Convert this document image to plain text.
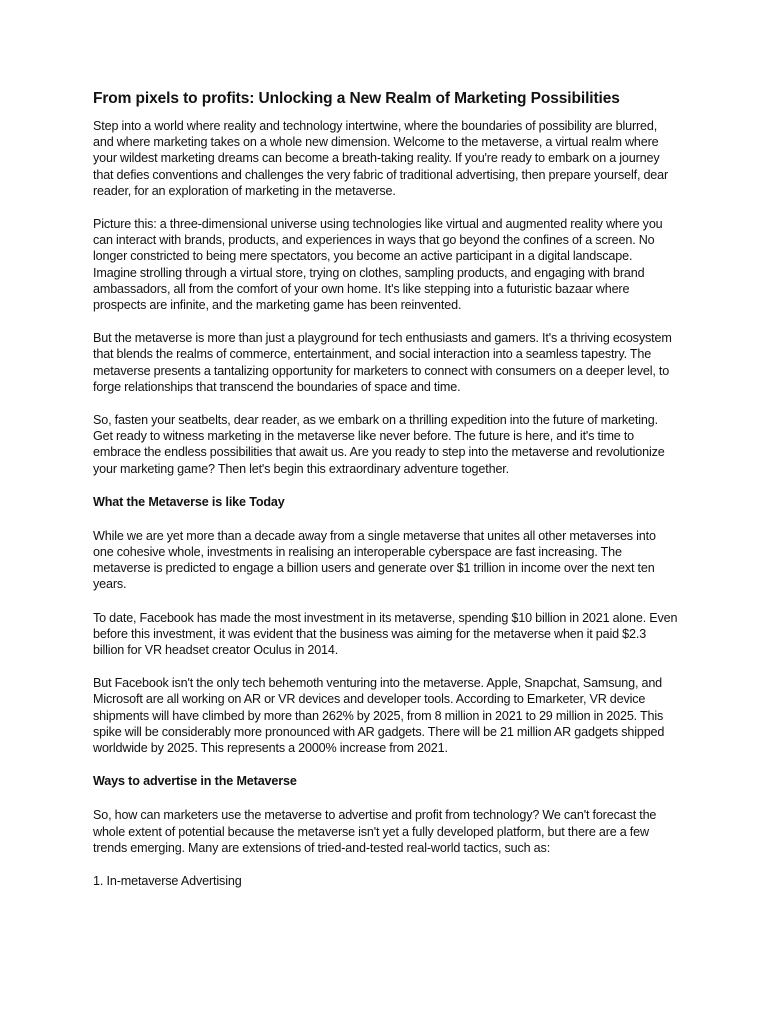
From pixels to profits: Unlocking a New Realm of Marketing Possibilities

Step into a world where reality and technology intertwine, where the boundaries of possibility are blurred, and where marketing takes on a whole new dimension. Welcome to the metaverse, a virtual realm where your wildest marketing dreams can become a breath-taking reality. If you're ready to embark on a journey that defies conventions and challenges the very fabric of traditional advertising, then prepare yourself, dear reader, for an exploration of marketing in the metaverse.

Picture this: a three-dimensional universe using technologies like virtual and augmented reality where you can interact with brands, products, and experiences in ways that go beyond the confines of a screen. No longer constricted to being mere spectators, you become an active participant in a digital landscape. Imagine strolling through a virtual store, trying on clothes, sampling products, and engaging with brand ambassadors, all from the comfort of your own home. It's like stepping into a futuristic bazaar where prospects are infinite, and the marketing game has been reinvented.

But the metaverse is more than just a playground for tech enthusiasts and gamers. It's a thriving ecosystem that blends the realms of commerce, entertainment, and social interaction into a seamless tapestry. The metaverse presents a tantalizing opportunity for marketers to connect with consumers on a deeper level, to forge relationships that transcend the boundaries of space and time.

So, fasten your seatbelts, dear reader, as we embark on a thrilling expedition into the future of marketing. Get ready to witness marketing in the metaverse like never before. The future is here, and it's time to embrace the endless possibilities that await us. Are you ready to step into the metaverse and revolutionize your marketing game? Then let's begin this extraordinary adventure together.

What the Metaverse is like Today

While we are yet more than a decade away from a single metaverse that unites all other metaverses into one cohesive whole, investments in realising an interoperable cyberspace are fast increasing. The metaverse is predicted to engage a billion users and generate over $1 trillion in income over the next ten years.

To date, Facebook has made the most investment in its metaverse, spending $10 billion in 2021 alone. Even before this investment, it was evident that the business was aiming for the metaverse when it paid $2.3 billion for VR headset creator Oculus in 2014.

But Facebook isn't the only tech behemoth venturing into the metaverse. Apple, Snapchat, Samsung, and Microsoft are all working on AR or VR devices and developer tools. According to Emarketer, VR device shipments will have climbed by more than 262% by 2025, from 8 million in 2021 to 29 million in 2025. This spike will be considerably more pronounced with AR gadgets. There will be 21 million AR gadgets shipped worldwide by 2025. This represents a 2000% increase from 2021.

Ways to advertise in the Metaverse

So, how can marketers use the metaverse to advertise and profit from technology? We can't forecast the whole extent of potential because the metaverse isn't yet a fully developed platform, but there are a few trends emerging. Many are extensions of tried-and-tested real-world tactics, such as:

1. In-metaverse Advertising
